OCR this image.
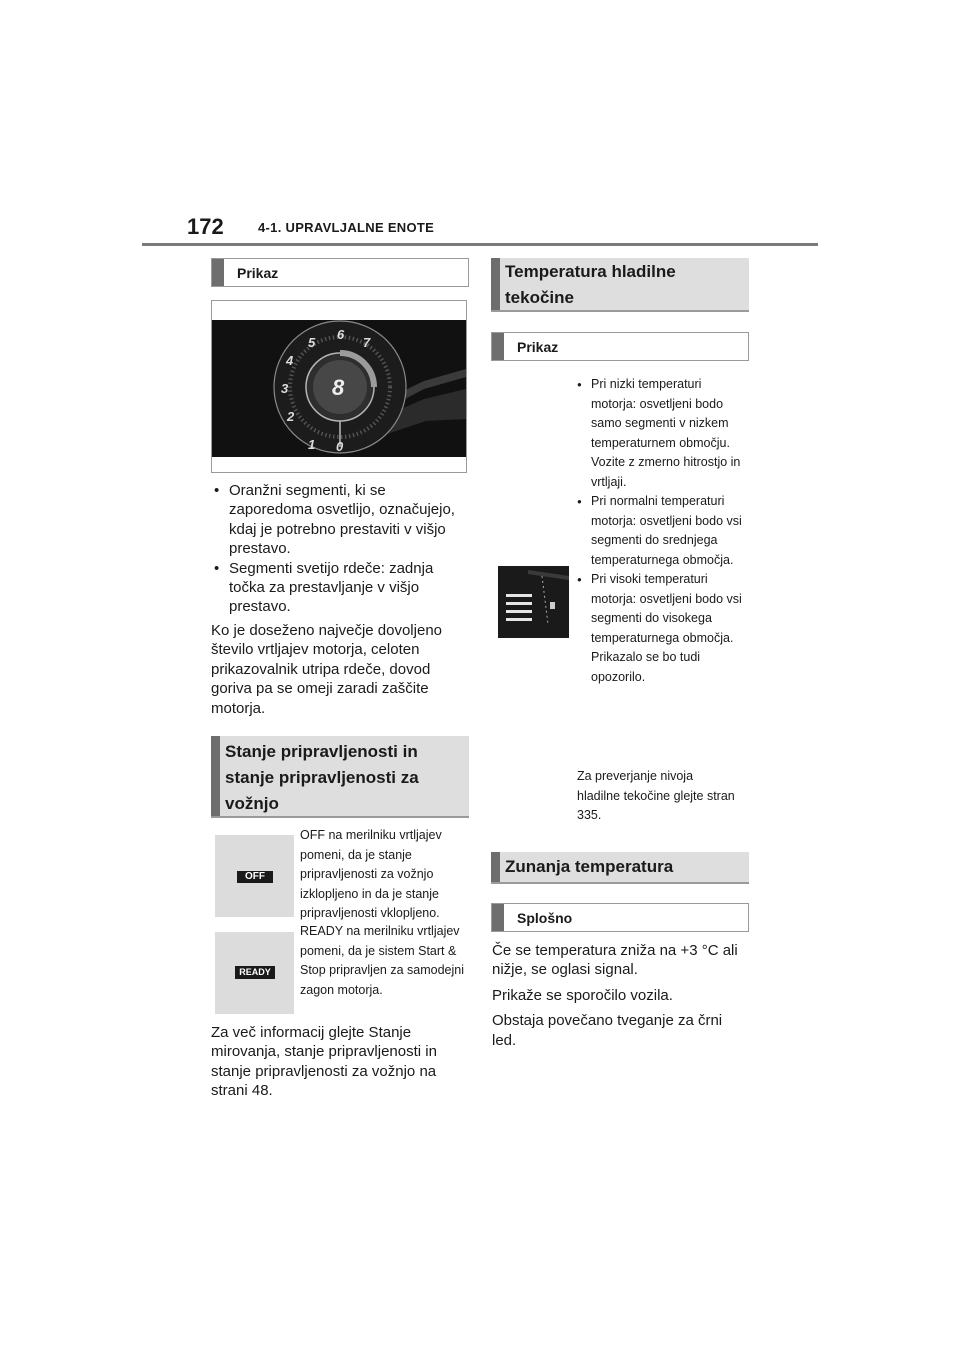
172	4-1. UPRAVLJALNE ENOTE
Prikaz
1
2
3
4
5
6
7
0
8
• Oranžni segmenti, ki se zaporedoma osvetlijo, označujejo, kdaj je potrebno prestaviti v višjo prestavo.
• Segmenti svetijo rdeče: zadnja točka za prestavljanje v višjo prestavo.
Ko je doseženo največje dovoljeno število vrtljajev motorja, celoten prikazovalnik utripa rdeče, dovod goriva pa se omeji zaradi zaščite motorja.
Stanje pripravljenosti in stanje pripravljenosti za vožnjo
OFF
OFF na merilniku vrtljajev pomeni, da je stanje pripravljenosti za vožnjo izklopljeno in da je stanje pripravljenosti vklopljeno.
READY
READY na merilniku vrtljajev pomeni, da je sistem Start & Stop pripravljen za samodejni zagon motorja.
Za več informacij glejte Stanje mirovanja, stanje pripravljenosti in stanje pripravljenosti za vožnjo na strani 48.
Temperatura hladilne tekočine
Prikaz
● Pri nizki temperaturi motorja: osvetljeni bodo samo segmenti v nizkem temperaturnem območju. Vozite z zmerno hitrostjo in vrtljaji.
● Pri normalni temperaturi motorja: osvetljeni bodo vsi segmenti do srednjega temperaturnega območja.
● Pri visoki temperaturi motorja: osvetljeni bodo vsi segmenti do visokega temperaturnega območja. Prikazalo se bo tudi opozorilo.
Za preverjanje nivoja hladilne tekočine glejte stran 335.
Zunanja temperatura
Splošno
Če se temperatura zniža na +3 °C ali nižje, se oglasi signal.
Prikaže se sporočilo vozila.
Obstaja povečano tveganje za črni led.
